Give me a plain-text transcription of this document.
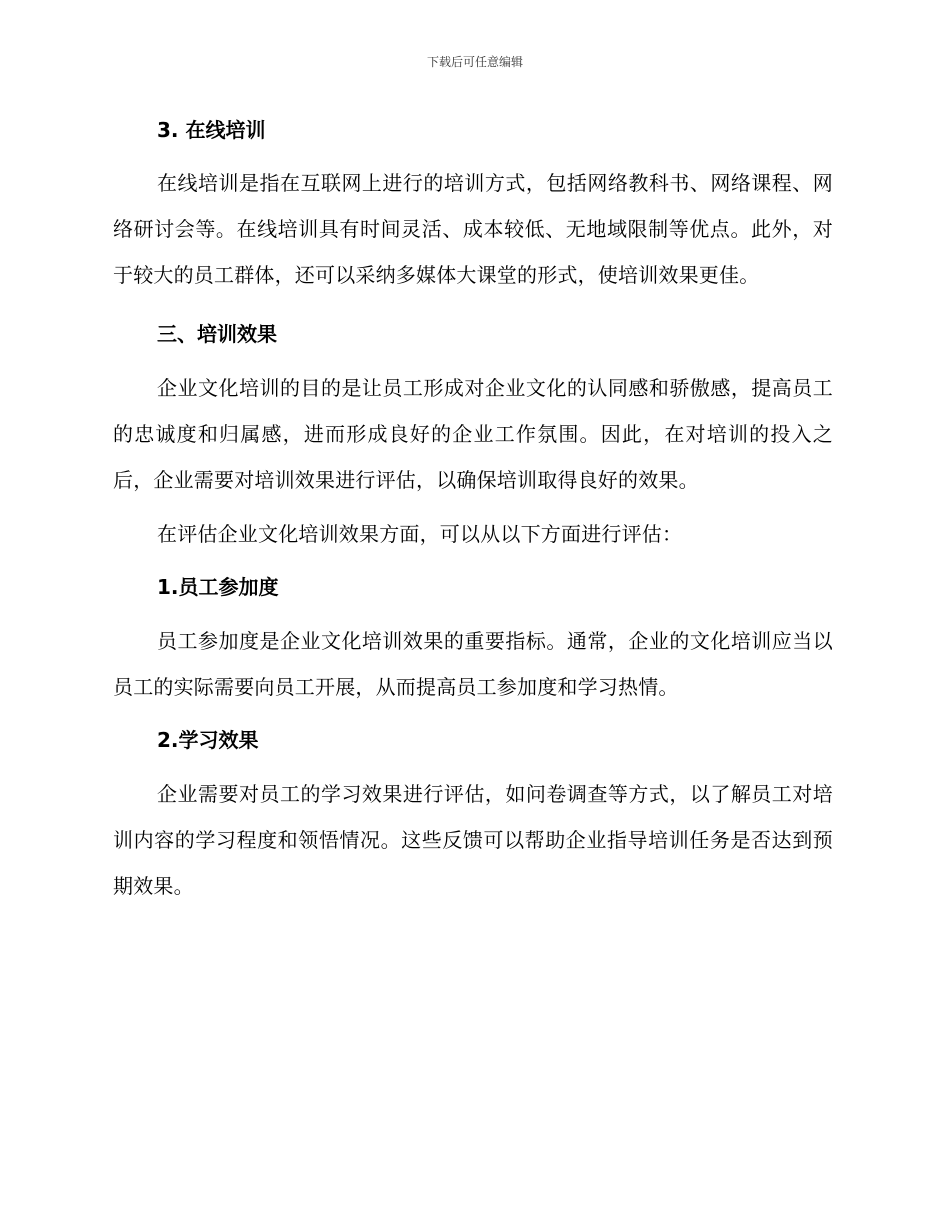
下载后可任意编辑
3. 在线培训

在线培训是指在互联网上进行的培训方式，包括网络教科书、网络课程、网络研讨会等。在线培训具有时间灵活、成本较低、无地域限制等优点。此外，对于较大的员工群体，还可以采纳多媒体大课堂的形式，使培训效果更佳。

三、培训效果

企业文化培训的目的是让员工形成对企业文化的认同感和骄傲感，提高员工的忠诚度和归属感，进而形成良好的企业工作氛围。因此，在对培训的投入之后，企业需要对培训效果进行评估，以确保培训取得良好的效果。

在评估企业文化培训效果方面，可以从以下方面进行评估：

1.员工参加度

员工参加度是企业文化培训效果的重要指标。通常，企业的文化培训应当以员工的实际需要向员工开展，从而提高员工参加度和学习热情。

2.学习效果

企业需要对员工的学习效果进行评估，如问卷调查等方式，以了解员工对培训内容的学习程度和领悟情况。这些反馈可以帮助企业指导培训任务是否达到预期效果。
